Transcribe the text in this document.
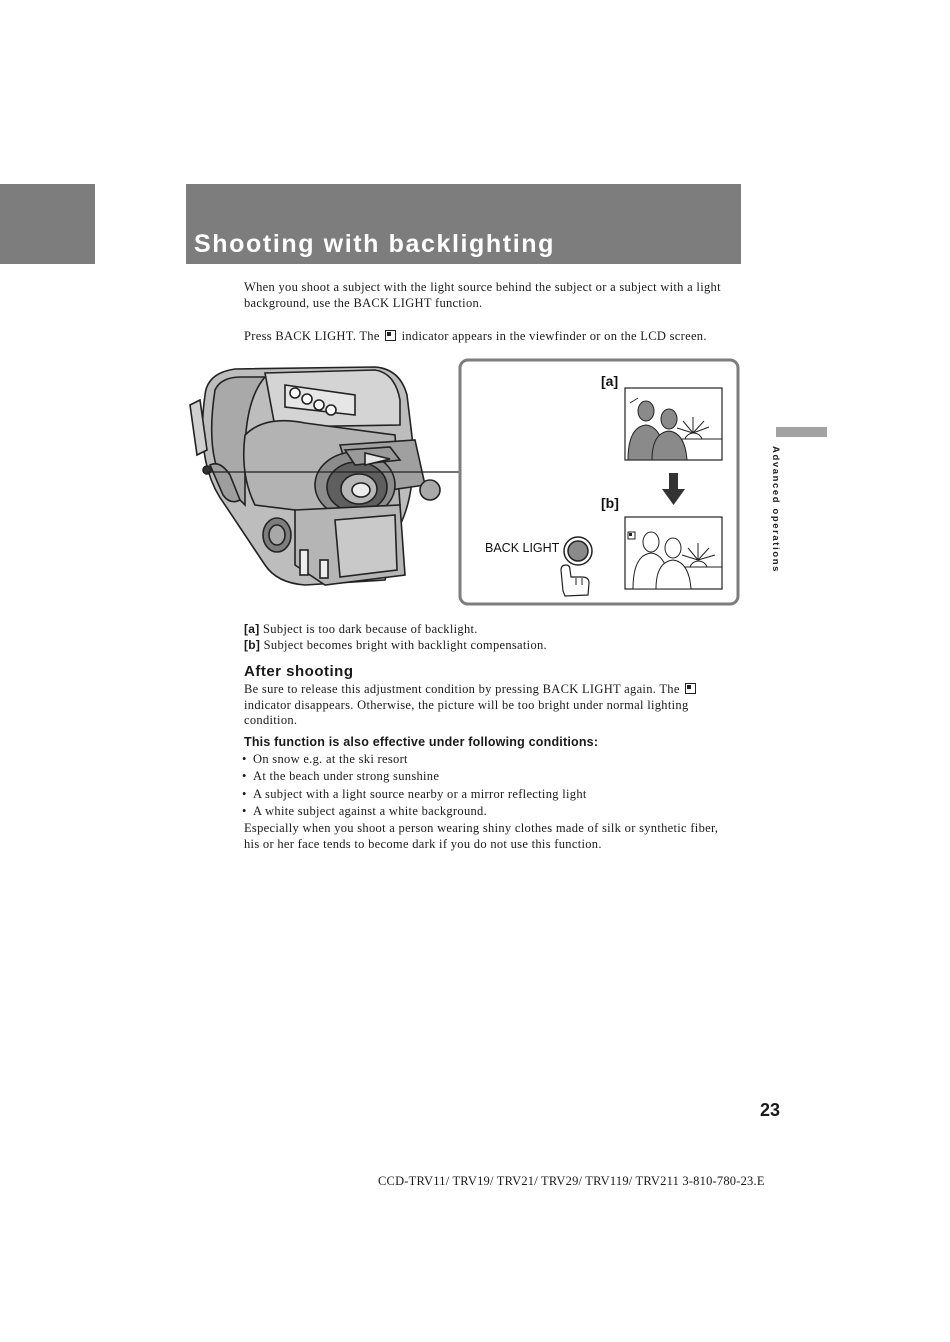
Shooting with backlighting
When you shoot a subject with the light source behind the subject or a subject with a light background, use the BACK LIGHT function.
Press BACK LIGHT. The indicator appears in the viewfinder or on the LCD screen.
Advanced operations
[a]
[b]
BACK LIGHT
[a] Subject is too dark because of backlight.
[b] Subject becomes bright with backlight compensation.
After shooting
Be sure to release this adjustment condition by pressing BACK LIGHT again. The  indicator disappears. Otherwise, the picture will be too bright under normal lighting condition.
This function is also effective under following conditions:
• On snow e.g. at the ski resort
• At the beach under strong sunshine
• A subject with a light source nearby or a mirror reflecting light
• A white subject against a white background.
Especially when you shoot a person wearing shiny clothes made of silk or synthetic fiber, his or her face tends to become dark if you do not use this function.
23
CCD-TRV11/ TRV19/ TRV21/ TRV29/ TRV119/ TRV211 3-810-780-23.E
